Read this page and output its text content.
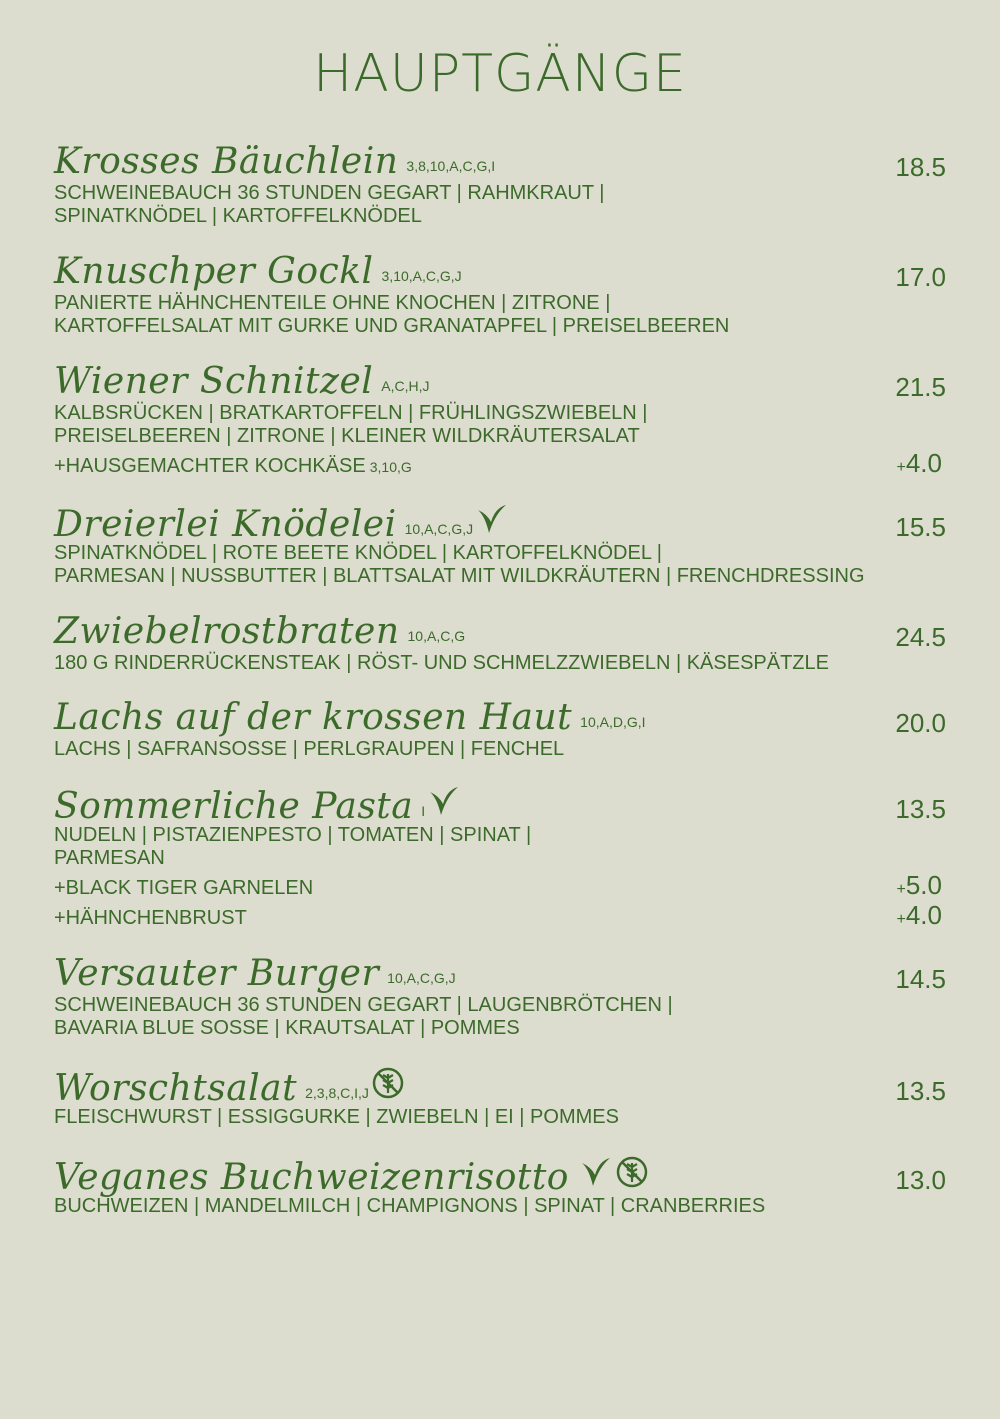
HAUPTGÄNGE
Krosses Bäuchlein 3,8,10,A,C,G,I	18.5
SCHWEINEBAUCH 36 STUNDEN GEGART | RAHMKRAUT |
SPINATKNÖDEL | KARTOFFELKNÖDEL
Knuschper Gockl 3,10,A,C,G,J	17.0
PANIERTE HÄHNCHENTEILE OHNE KNOCHEN | ZITRONE |
KARTOFFELSALAT MIT GURKE UND GRANATAPFEL | PREISELBEEREN
Wiener Schnitzel A,C,H,J	21.5
KALBSRÜCKEN | BRATKARTOFFELN | FRÜHLINGSZWIEBELN |
PREISELBEEREN | ZITRONE | KLEINER WILDKRÄUTERSALAT
+HAUSGEMACHTER KOCHKÄSE 3,10,G	+4.0
Dreierlei Knödelei 10,A,C,G,J	15.5
SPINATKNÖDEL | ROTE BEETE KNÖDEL | KARTOFFELKNÖDEL |
PARMESAN | NUSSBUTTER | BLATTSALAT MIT WILDKRÄUTERN | FRENCHDRESSING
Zwiebelrostbraten 10,A,C,G	24.5
180 G RINDERRÜCKENSTEAK | RÖST- UND SCHMELZZWIEBELN | KÄSESPÄTZLE
Lachs auf der krossen Haut 10,A,D,G,I	20.0
LACHS | SAFRANSOSSE | PERLGRAUPEN | FENCHEL
Sommerliche Pasta I	13.5
NUDELN | PISTAZIENPESTO | TOMATEN | SPINAT |
PARMESAN
+BLACK TIGER GARNELEN	+5.0
+HÄHNCHENBRUST	+4.0
Versauter Burger 10,A,C,G,J	14.5
SCHWEINEBAUCH 36 STUNDEN GEGART | LAUGENBRÖTCHEN |
BAVARIA BLUE SOSSE | KRAUTSALAT | POMMES
Worschtsalat 2,3,8,C,I,J	13.5
FLEISCHWURST | ESSIGGURKE | ZWIEBELN | EI | POMMES
Veganes Buchweizenrisotto	13.0
BUCHWEIZEN | MANDELMILCH | CHAMPIGNONS | SPINAT | CRANBERRIES
